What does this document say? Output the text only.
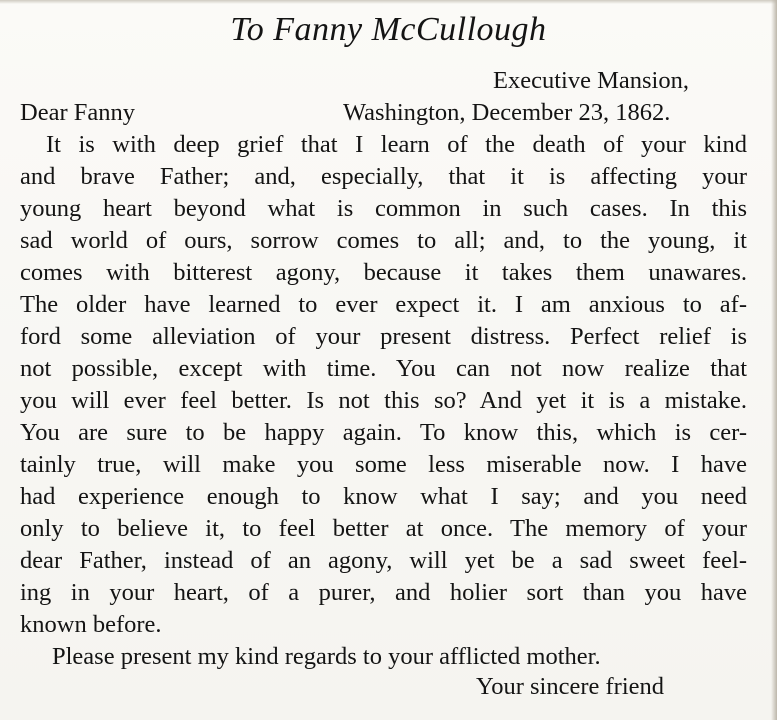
To Fanny McCullough
Executive Mansion,
Dear Fanny	Washington, December 23, 1862.
It is with deep grief that I learn of the death of your kind
and brave Father; and, especially, that it is affecting your
young heart beyond what is common in such cases. In this
sad world of ours, sorrow comes to all; and, to the young, it
comes with bitterest agony, because it takes them unawares.
The older have learned to ever expect it. I am anxious to af-
ford some alleviation of your present distress. Perfect relief is
not possible, except with time. You can not now realize that
you will ever feel better. Is not this so? And yet it is a mistake.
You are sure to be happy again. To know this, which is cer-
tainly true, will make you some less miserable now. I have
had experience enough to know what I say; and you need
only to believe it, to feel better at once. The memory of your
dear Father, instead of an agony, will yet be a sad sweet feel-
ing in your heart, of a purer, and holier sort than you have
known before.
Please present my kind regards to your afflicted mother.
Your sincere friend
